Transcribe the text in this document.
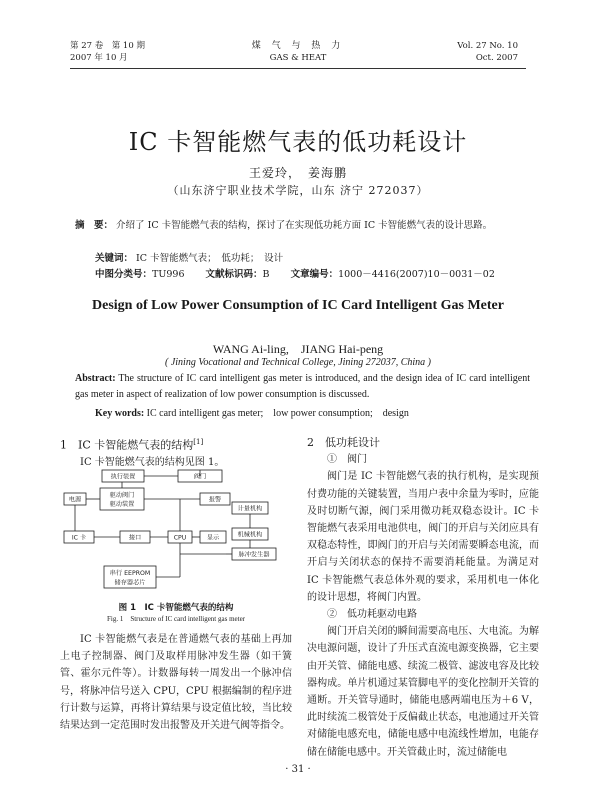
第 27 卷　第 10 期
2007 年 10 月
煤 气 与 热 力
GAS & HEAT
Vol. 27 No. 10
Oct. 2007
IC 卡智能燃气表的低功耗设计
王爱玲，　姜海鹏
（山东济宁职业技术学院，山东 济宁 272037）
摘　要： 介绍了 IC 卡智能燃气表的结构，探讨了在实现低功耗方面 IC 卡智能燃气表的设计思路。
关键词： IC 卡智能燃气表；　低功耗；　设计
中图分类号：TU996 文献标识码：B 文章编号：1000－4416(2007)10－0031－02
Design of Low Power Consumption of IC Card Intelligent Gas Meter
WANG Ai-ling,　JIANG Hai-peng
( Jining Vocational and Technical College, Jining 272037, China )
Abstract: The structure of IC card intelligent gas meter is introduced, and the design idea of IC card intelligent gas meter in aspect of realization of low power consumption is discussed.
Key words: IC card intelligent gas meter;　low power consumption;　design
1　IC 卡智能燃气表的结构[1]
IC 卡智能燃气表的结构见图 1。
执行装置	阀门
电源
驱动阀门
驱动装置
报警
计量机构
IC 卡	接口	CPU	显示	机械机构
脉冲发生器
串行 EEPROM
储存器芯片
图 1　IC 卡智能燃气表的结构
Fig. 1　Structure of IC card intelligent gas meter
IC 卡智能燃气表是在普通燃气表的基础上再加上电子控制器、阀门及取样用脉冲发生器（如干簧管、霍尔元件等）。计数器每转一周发出一个脉冲信号，将脉冲信号送入 CPU，CPU 根据编制的程序进行计数与运算，再将计算结果与设定值比较，当比较结果达到一定范围时发出报警及开关进气阀等指令。
2　低功耗设计
①　阀门
阀门是 IC 卡智能燃气表的执行机构，是实现预付费功能的关键装置，当用户表中余量为零时，应能及时切断气源，阀门采用微功耗双稳态设计。IC 卡智能燃气表采用电池供电，阀门的开启与关闭应具有双稳态特性，即阀门的开启与关闭需要瞬态电流，而开启与关闭状态的保持不需要消耗能量。为满足对 IC 卡智能燃气表总体外观的要求，采用机电一体化的设计思想，将阀门内置。
②　低功耗驱动电路
阀门开启关闭的瞬间需要高电压、大电流。为解决电源问题，设计了升压式直流电源变换器，它主要由开关管、储能电感、续流二极管、滤波电容及比较器构成。单片机通过某管脚电平的变化控制开关管的通断。开关管导通时，储能电感两端电压为＋6 V，此时续流二极管处于反偏截止状态，电池通过开关管对储能电感充电，储能电感中电流线性增加，电能存储在储能电感中。开关管截止时，流过储能电
· 31 ·
